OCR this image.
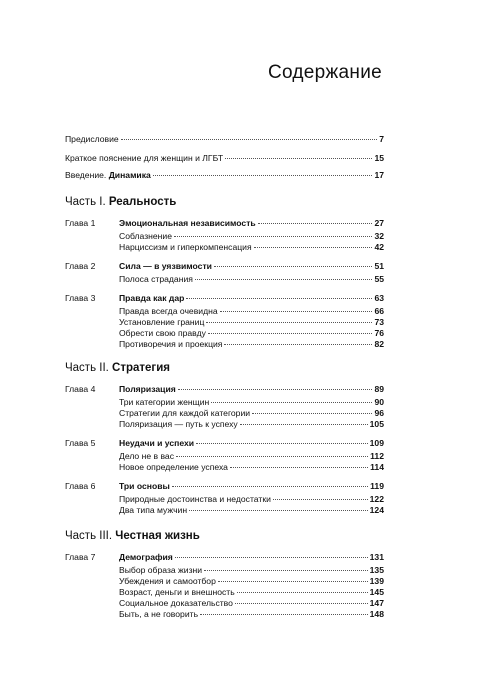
Содержание
Предисловие	7
Краткое пояснение для женщин и ЛГБТ	15
Введение. Динамика	17
Часть I. Реальность
Глава 1	Эмоциональная независимость	27
Соблазнение	32
Нарциссизм и гиперкомпенсация	42
Глава 2	Сила — в уязвимости	51
Полоса страдания	55
Глава 3	Правда как дар	63
Правда всегда очевидна	66
Установление границ	73
Обрести свою правду	76
Противоречия и проекция	82
Часть II. Стратегия
Глава 4	Поляризация	89
Три категории женщин	90
Стратегии для каждой категории	96
Поляризация — путь к успеху	105
Глава 5	Неудачи и успехи	109
Дело не в вас	112
Новое определение успеха	114
Глава 6	Три основы	119
Природные достоинства и недостатки	122
Два типа мужчин	124
Часть III. Честная жизнь
Глава 7	Демография	131
Выбор образа жизни	135
Убеждения и самоотбор	139
Возраст, деньги и внешность	145
Социальное доказательство	147
Быть, а не говорить	148
